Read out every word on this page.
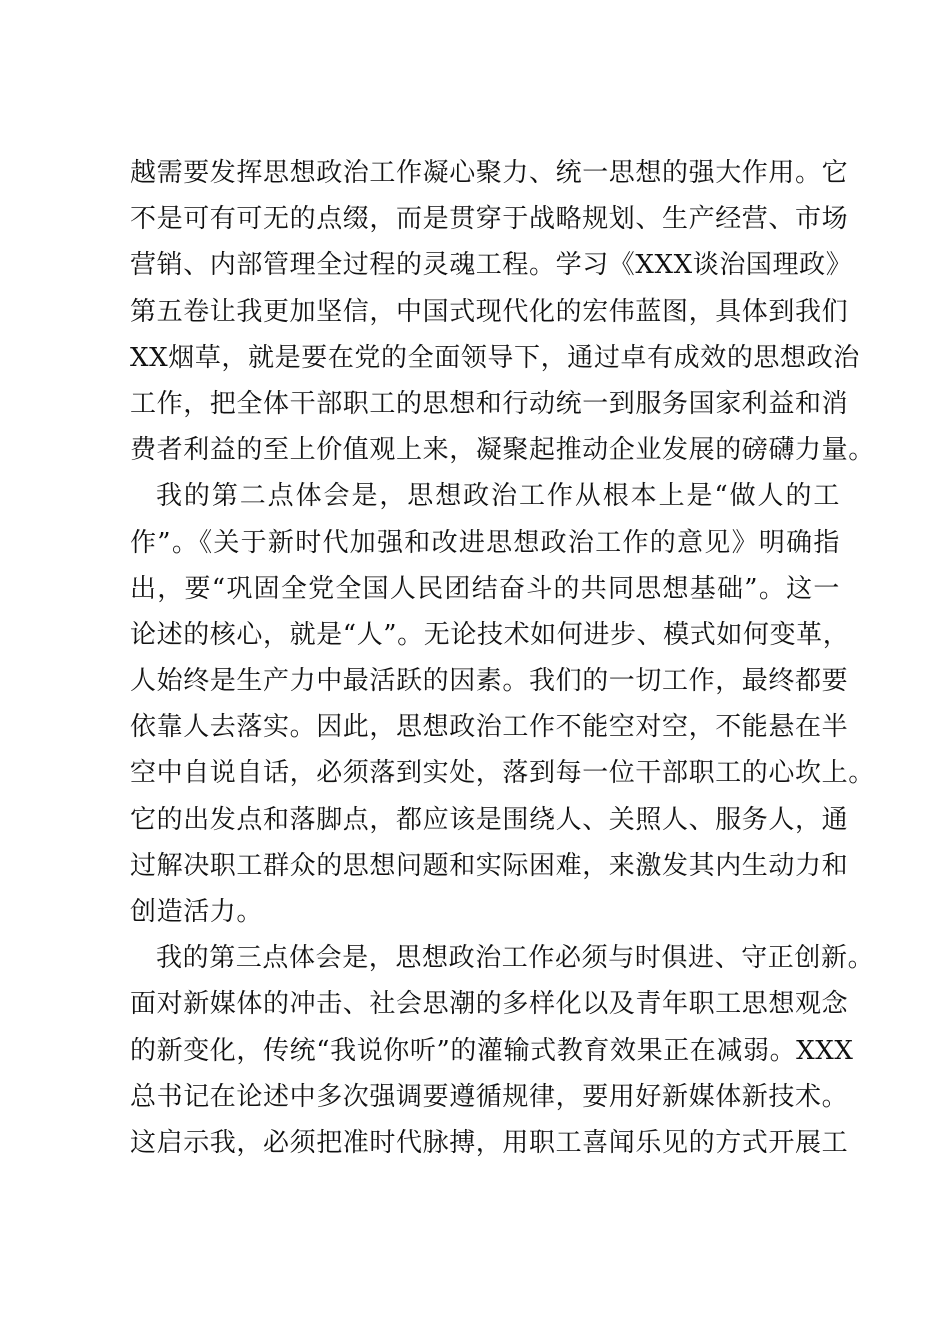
越需要发挥思想政治工作凝心聚力、统一思想的强大作用。它
不是可有可无的点缀，而是贯穿于战略规划、生产经营、市场
营销、内部管理全过程的灵魂工程。学习《XXX谈治国理政》
第五卷让我更加坚信，中国式现代化的宏伟蓝图，具体到我们
XX烟草，就是要在党的全面领导下，通过卓有成效的思想政治
工作，把全体干部职工的思想和行动统一到服务国家利益和消
费者利益的至上价值观上来，凝聚起推动企业发展的磅礴力量。
我的第二点体会是，思想政治工作从根本上是“做人的工
作”。《关于新时代加强和改进思想政治工作的意见》明确指
出，要“巩固全党全国人民团结奋斗的共同思想基础”。这一
论述的核心，就是“人”。无论技术如何进步、模式如何变革，
人始终是生产力中最活跃的因素。我们的一切工作，最终都要
依靠人去落实。因此，思想政治工作不能空对空，不能悬在半
空中自说自话，必须落到实处，落到每一位干部职工的心坎上。
它的出发点和落脚点，都应该是围绕人、关照人、服务人，通
过解决职工群众的思想问题和实际困难，来激发其内生动力和
创造活力。
我的第三点体会是，思想政治工作必须与时俱进、守正创新。
面对新媒体的冲击、社会思潮的多样化以及青年职工思想观念
的新变化，传统“我说你听”的灌输式教育效果正在减弱。XXX
总书记在论述中多次强调要遵循规律，要用好新媒体新技术。
这启示我，必须把准时代脉搏，用职工喜闻乐见的方式开展工
